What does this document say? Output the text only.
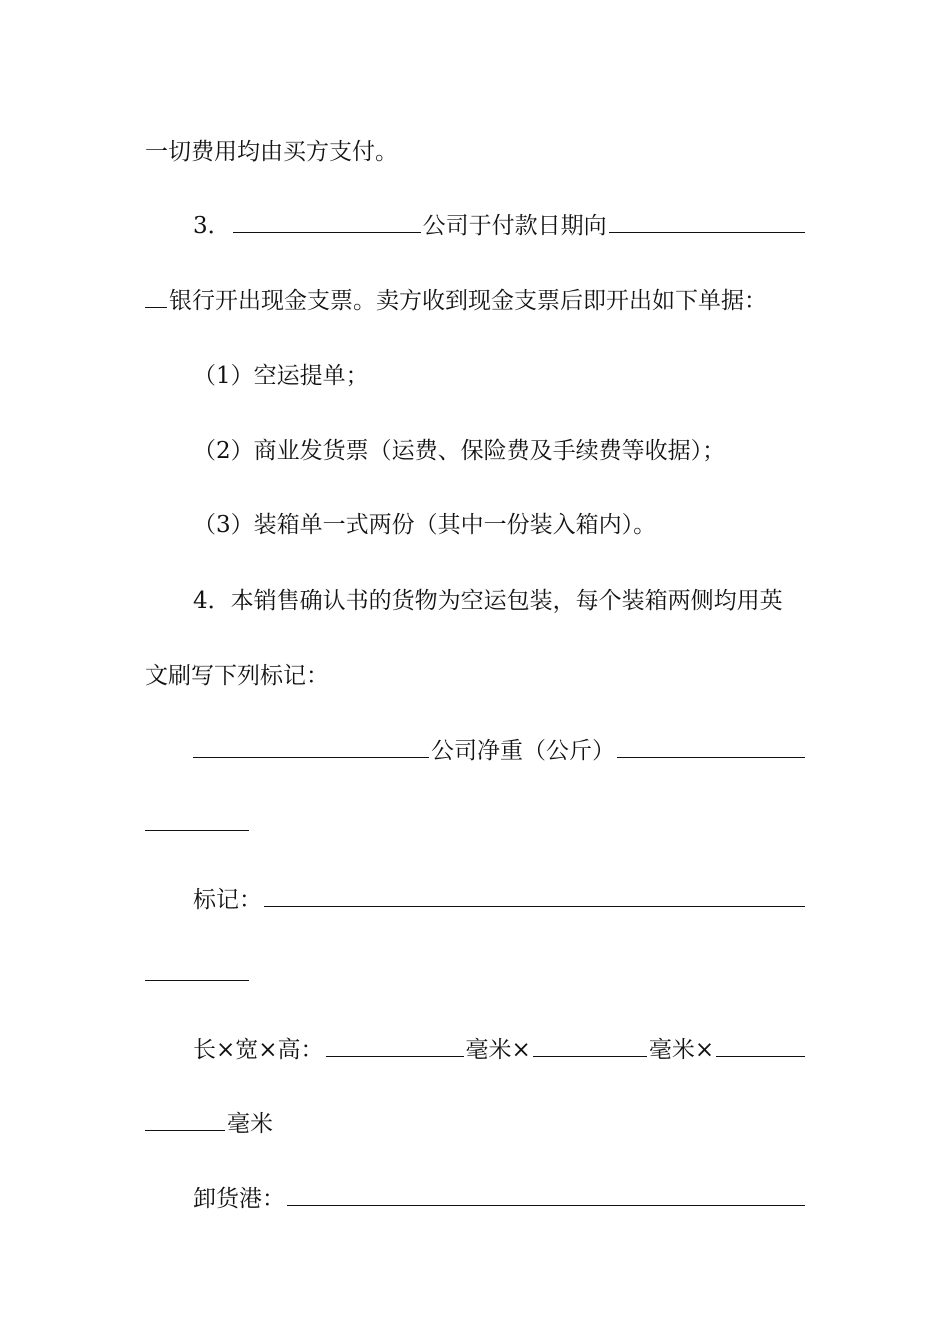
一切费用均由买方支付。
3．	公司于付款日期向
银行开出现金支票。卖方收到现金支票后即开出如下单据：
（1）空运提单；
（2）商业发货票（运费、保险费及手续费等收据）；
（3）装箱单一式两份（其中一份装入箱内）。
4．本销售确认书的货物为空运包装，每个装箱两侧均用英
文刷写下列标记：
公司净重（公斤）
标记：
长×宽×高：	毫米×	毫米×
毫米
卸货港：
